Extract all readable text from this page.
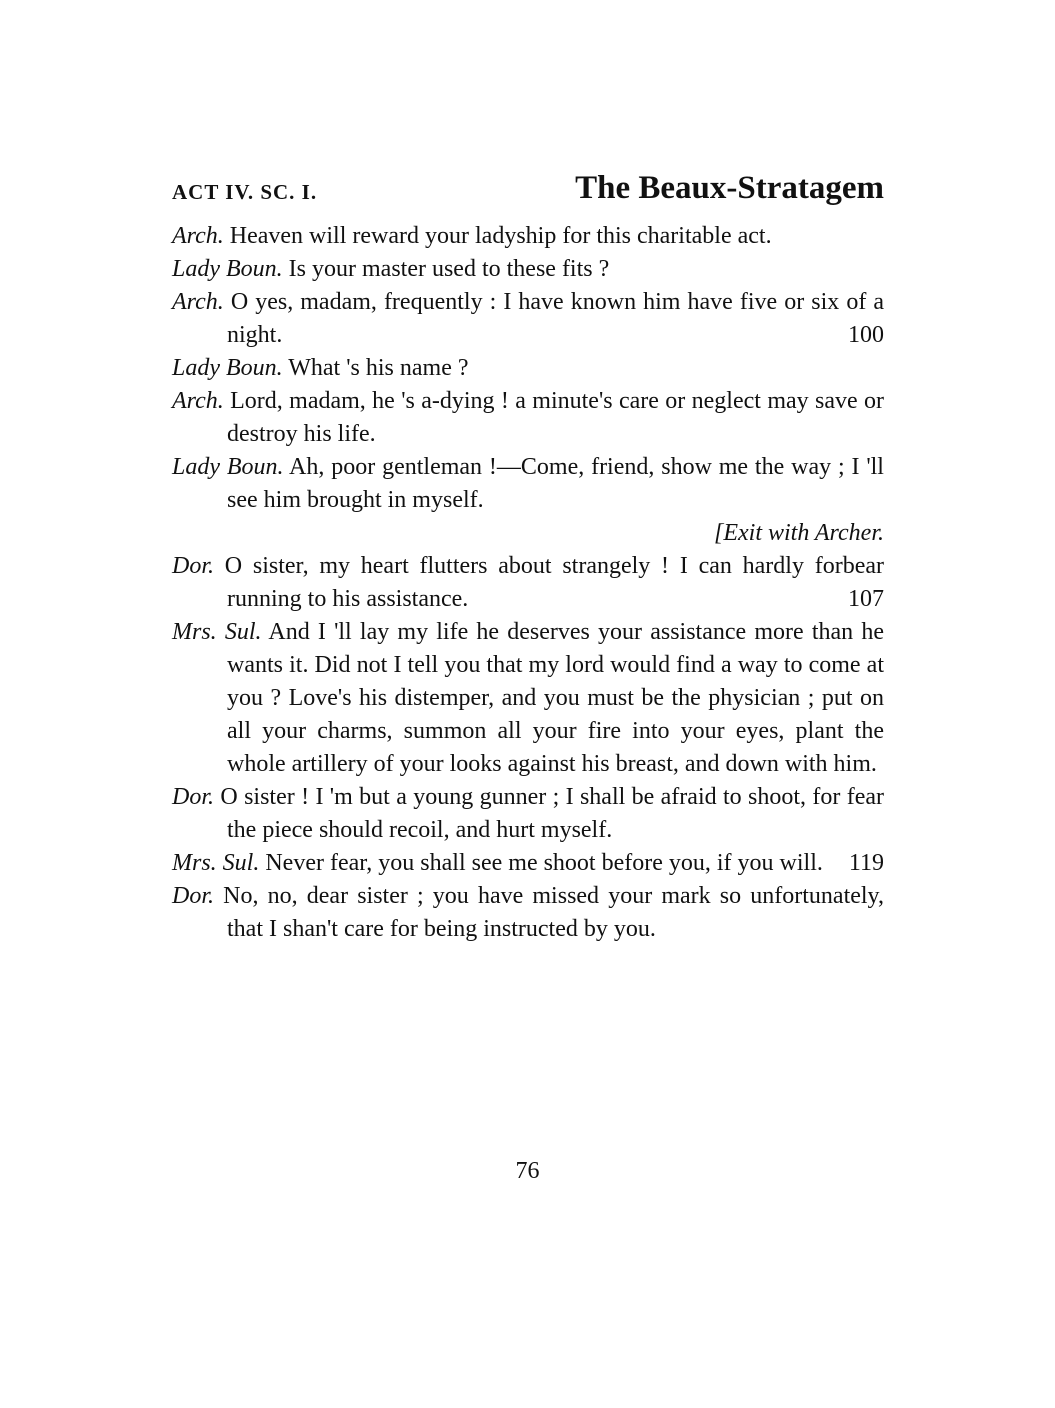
ACT IV. SC. I.	The Beaux-Stratagem

Arch. Heaven will reward your ladyship for this charitable act.

Lady Boun. Is your master used to these fits ?

Arch. O yes, madam, frequently : I have known him have five or six of a night.	100

Lady Boun. What 's his name ?

Arch. Lord, madam, he 's a-dying ! a minute's care or neglect may save or destroy his life.

Lady Boun. Ah, poor gentleman !—Come, friend, show me the way ; I 'll see him brought in myself.

[Exit with Archer.

Dor. O sister, my heart flutters about strangely ! I can hardly forbear running to his assistance.	107

Mrs. Sul. And I 'll lay my life he deserves your assistance more than he wants it. Did not I tell you that my lord would find a way to come at you ? Love's his distemper, and you must be the physician ; put on all your charms, summon all your fire into your eyes, plant the whole artillery of your looks against his breast, and down with him.

Dor. O sister ! I 'm but a young gunner ; I shall be afraid to shoot, for fear the piece should recoil, and hurt myself.

Mrs. Sul. Never fear, you shall see me shoot before you, if you will. 119

Dor. No, no, dear sister ; you have missed your mark so unfortunately, that I shan't care for being instructed by you.

76
